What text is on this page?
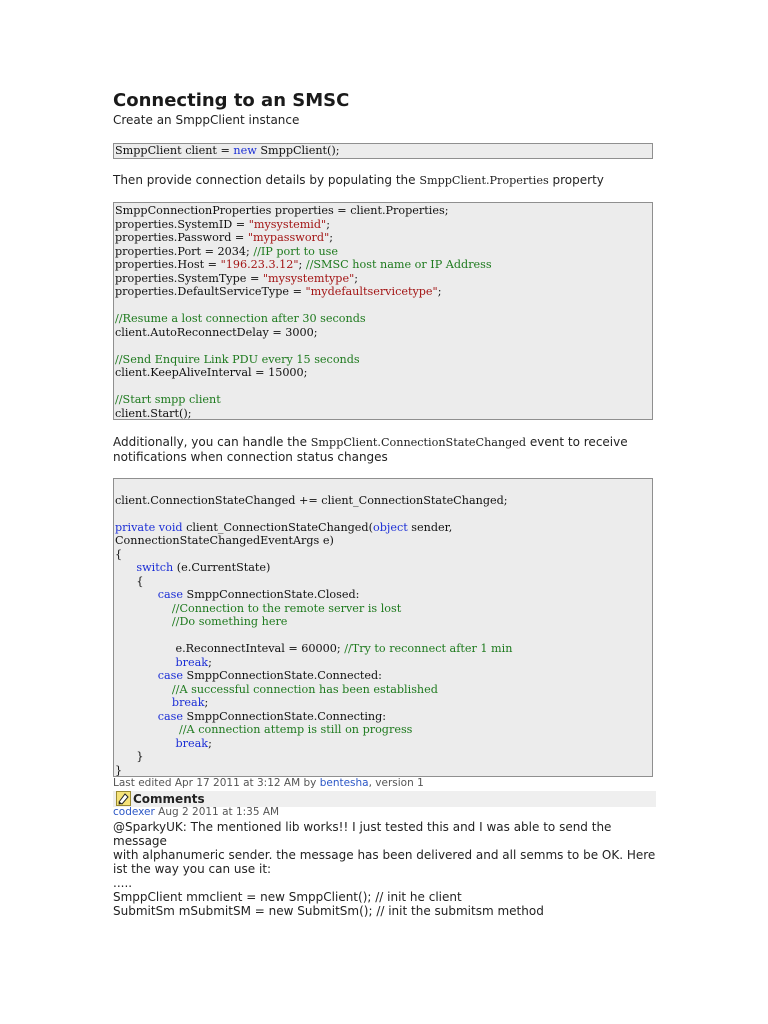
Connecting to an SMSC
Create an SmppClient instance
SmppClient client = new SmppClient();
Then provide connection details by populating the SmppClient.Properties property
SmppConnectionProperties properties = client.Properties;
properties.SystemID = "mysystemid";
properties.Password = "mypassword";
properties.Port = 2034; //IP port to use
properties.Host = "196.23.3.12"; //SMSC host name or IP Address
properties.SystemType = "mysystemtype";
properties.DefaultServiceType = "mydefaultservicetype";
//Resume a lost connection after 30 seconds
client.AutoReconnectDelay = 3000;
//Send Enquire Link PDU every 15 seconds
client.KeepAliveInterval = 15000;
//Start smpp client
client.Start();
Additionally, you can handle the SmppClient.ConnectionStateChanged event to receive
notifications when connection status changes
client.ConnectionStateChanged += client_ConnectionStateChanged;
private void client_ConnectionStateChanged(object sender,
ConnectionStateChangedEventArgs e)
{
switch (e.CurrentState)
{
case SmppConnectionState.Closed:
//Connection to the remote server is lost
//Do something here
e.ReconnectInteval = 60000; //Try to reconnect after 1 min
break;
case SmppConnectionState.Connected:
//A successful connection has been established
break;
case SmppConnectionState.Connecting:
//A connection attemp is still on progress
break;
}
}
Last edited Apr 17 2011 at 3:12 AM by bentesha, version 1
Comments
codexer Aug 2 2011 at 1:35 AM
@SparkyUK: The mentioned lib works!! I just tested this and I was able to send the message
with alphanumeric sender. the message has been delivered and all semms to be OK. Here
ist the way you can use it:
.....
SmppClient mmclient = new SmppClient(); // init he client
SubmitSm mSubmitSM = new SubmitSm(); // init the submitsm method
